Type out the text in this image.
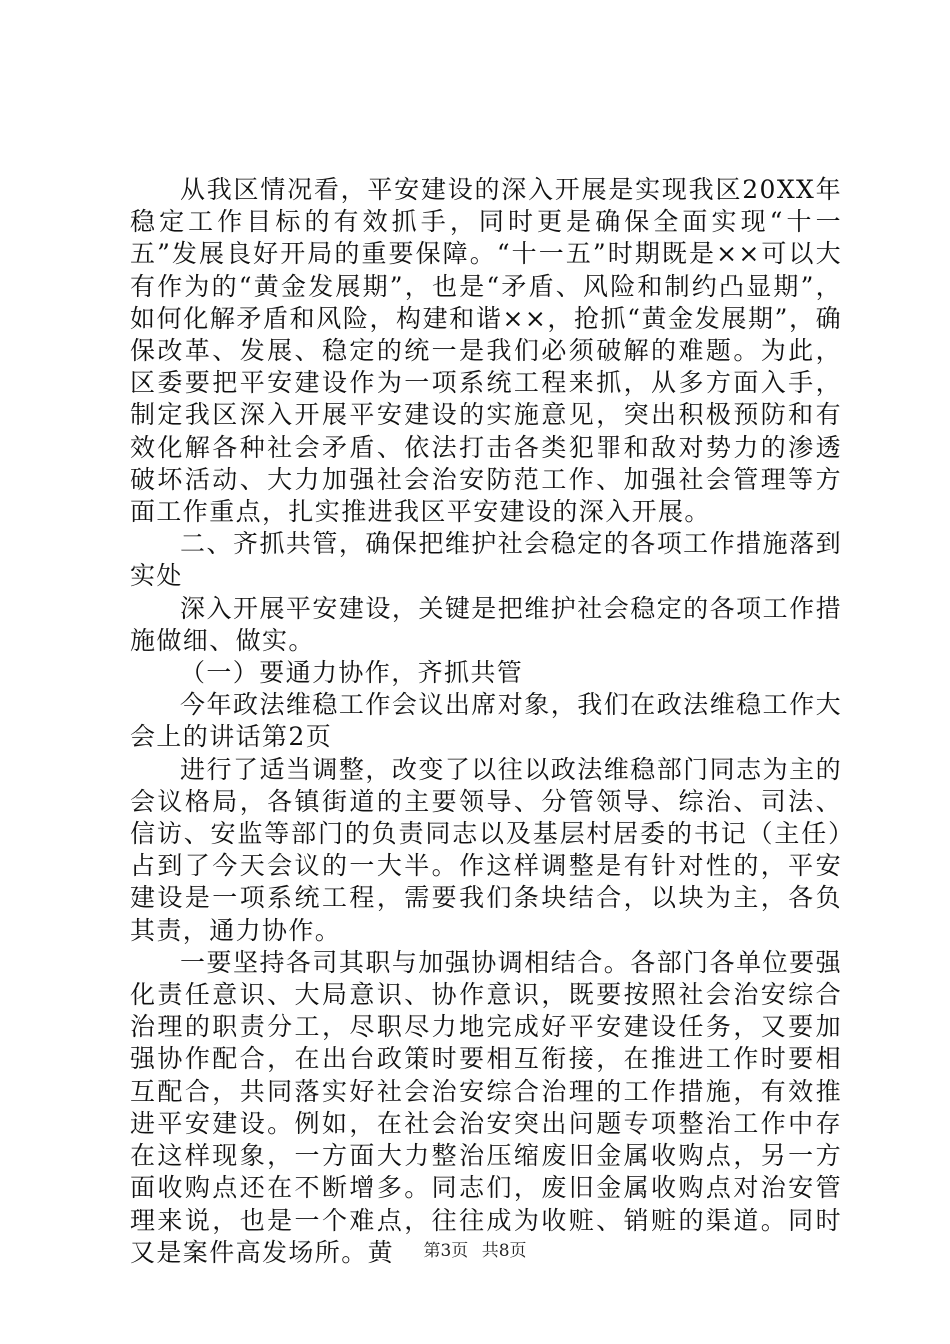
从我区情况看，平安建设的深入开展是实现我区20XX年稳定工作目标的有效抓手，同时更是确保全面实现“十一五”发展良好开局的重要保障。“十一五”时期既是××可以大有作为的“黄金发展期”，也是“矛盾、风险和制约凸显期”，如何化解矛盾和风险，构建和谐××，抢抓“黄金发展期”，确保改革、发展、稳定的统一是我们必须破解的难题。为此，区委要把平安建设作为一项系统工程来抓，从多方面入手，制定我区深入开展平安建设的实施意见，突出积极预防和有效化解各种社会矛盾、依法打击各类犯罪和敌对势力的渗透破坏活动、大力加强社会治安防范工作、加强社会管理等方面工作重点，扎实推进我区平安建设的深入开展。

二、齐抓共管，确保把维护社会稳定的各项工作措施落到实处

深入开展平安建设，关键是把维护社会稳定的各项工作措施做细、做实。

（一）要通力协作，齐抓共管

今年政法维稳工作会议出席对象，我们在政法维稳工作大会上的讲话第2页

进行了适当调整，改变了以往以政法维稳部门同志为主的会议格局，各镇街道的主要领导、分管领导、综治、司法、信访、安监等部门的负责同志以及基层村居委的书记（主任）占到了今天会议的一大半。作这样调整是有针对性的，平安建设是一项系统工程，需要我们条块结合，以块为主，各负其责，通力协作。

一要坚持各司其职与加强协调相结合。各部门各单位要强化责任意识、大局意识、协作意识，既要按照社会治安综合治理的职责分工，尽职尽力地完成好平安建设任务，又要加强协作配合，在出台政策时要相互衔接，在推进工作时要相互配合，共同落实好社会治安综合治理的工作措施，有效推进平安建设。例如，在社会治安突出问题专项整治工作中存在这样现象，一方面大力整治压缩废旧金属收购点，另一方面收购点还在不断增多。同志们，废旧金属收购点对治安管理来说，也是一个难点，往往成为收赃、销赃的渠道。同时又是案件高发场所。黄	第3页 共8页
